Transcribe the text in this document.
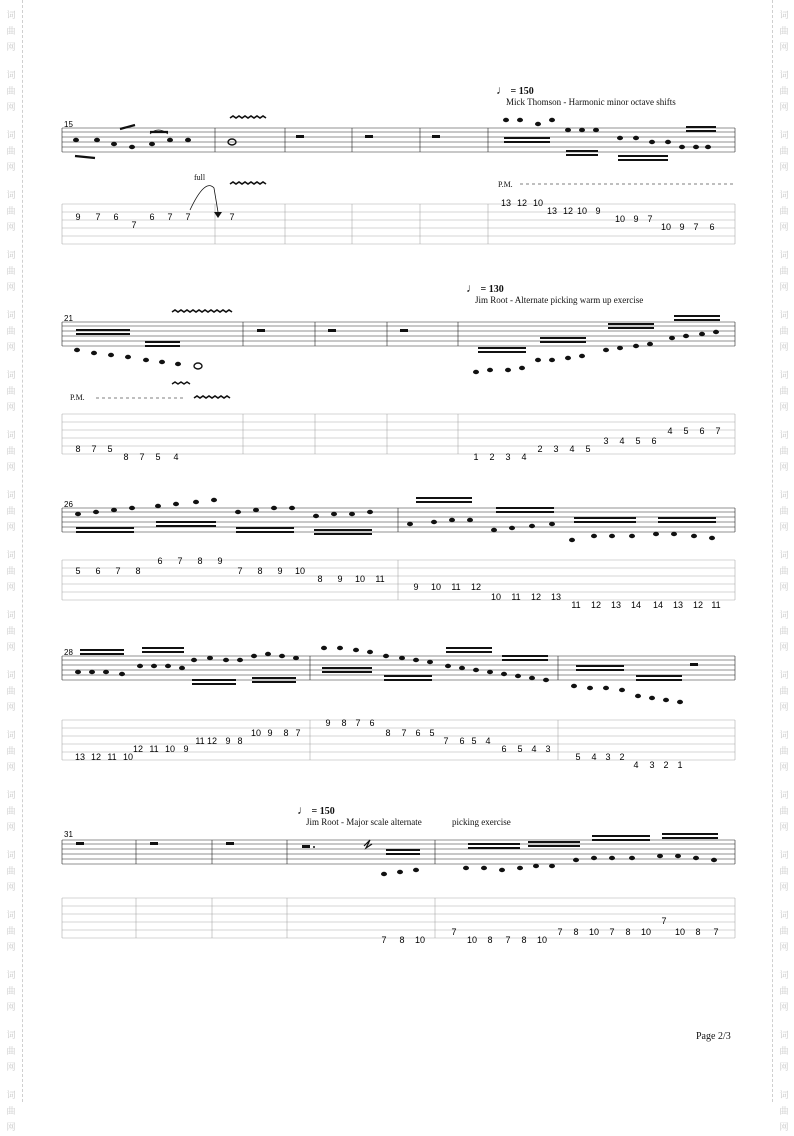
词
曲
网
词
曲
网
词
曲
网
词
曲
网
词
曲
网
词
曲
网
词
曲
网
词
曲
网
词
曲
网
词
曲
网
词
曲
网
词
曲
网
词
曲
网
词
曲
网
词
曲
网
词
曲
网
词
曲
网
词
曲
网
词
曲
网
词
曲
网
词
曲
网
词
曲
网
词
曲
网
词
曲
网
词
曲
网
词
曲
网
词
曲
网
词
曲
网
词
曲
网
词
曲
网
词
曲
网
词
曲
网
词
曲
网
词
曲
网
词
曲
网
词
曲
网
词
曲
网
词
曲
网
♩ = 150
Mick Thomson - Harmonic minor octave shifts
P.M.
full
15
9 7 6
7
6 7 7	7
13 12 10
13 12 10 9
10 9 7
10 9 7 6
♩ = 130
Jim Root - Alternate picking warm up exercise
P.M.
21
8 7 5
8 7 5 4	1 2 3 4
2 3 4 5
3 4 5 6
4 5 6 7
26
5 6 7 8
6 7 8 9
7 8 9 10
8 9 10 11
9 10 11 12
10 11 12 13
11 12 13 14 14 13 12 11
28
13 12 11 10
12 11 10 9
11 12 9 8
10 9 8 7
9 8 7 6
8 7 6 5
7 6 5 4
6 5 4 3
5 4 3 2
4 3 2 1
♩ = 150
Jim Root - Major scale alternate	picking exercise
31
7 8 10
7
10 8 7 8 10
7 8 10 7 8 10
7
10 8 7
Page 2/3
